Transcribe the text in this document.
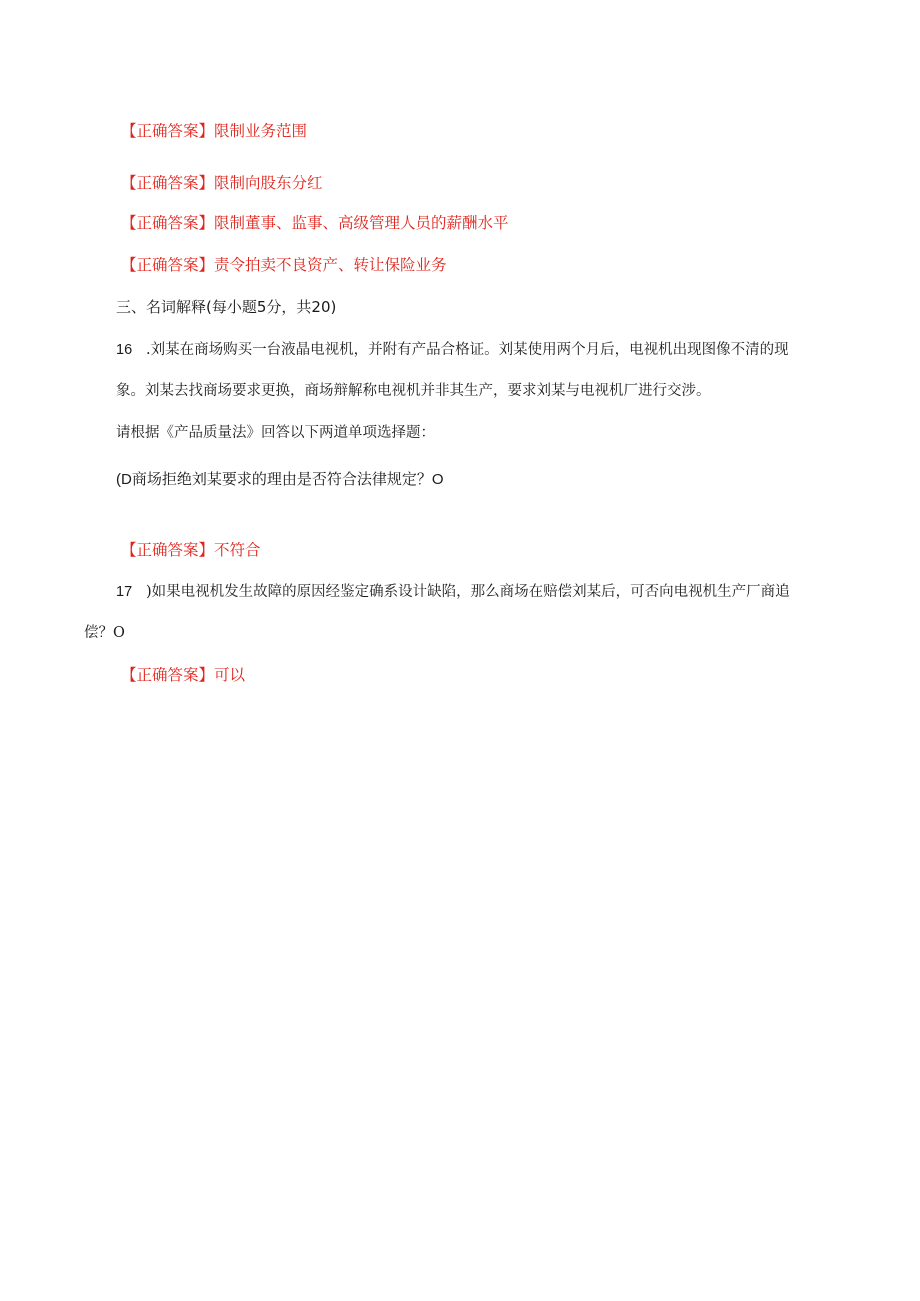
【正确答案】限制业务范围
【正确答案】限制向股东分红
【正确答案】限制董事、监事、高级管理人员的薪酬水平
【正确答案】责令拍卖不良资产、转让保险业务
三、名词解释(每小题5分，共20)
16 .刘某在商场购买一台液晶电视机，并附有产品合格证。刘某使用两个月后，电视机出现图像不清的现
象。刘某去找商场要求更换，商场辩解称电视机并非其生产，要求刘某与电视机厂进行交涉。
请根据《产品质量法》回答以下两道单项选择题：
(D商场拒绝刘某要求的理由是否符合法律规定？O
【正确答案】不符合
17 )如果电视机发生故障的原因经鉴定确系设计缺陷，那么商场在赔偿刘某后，可否向电视机生产厂商追
偿？O
【正确答案】可以
